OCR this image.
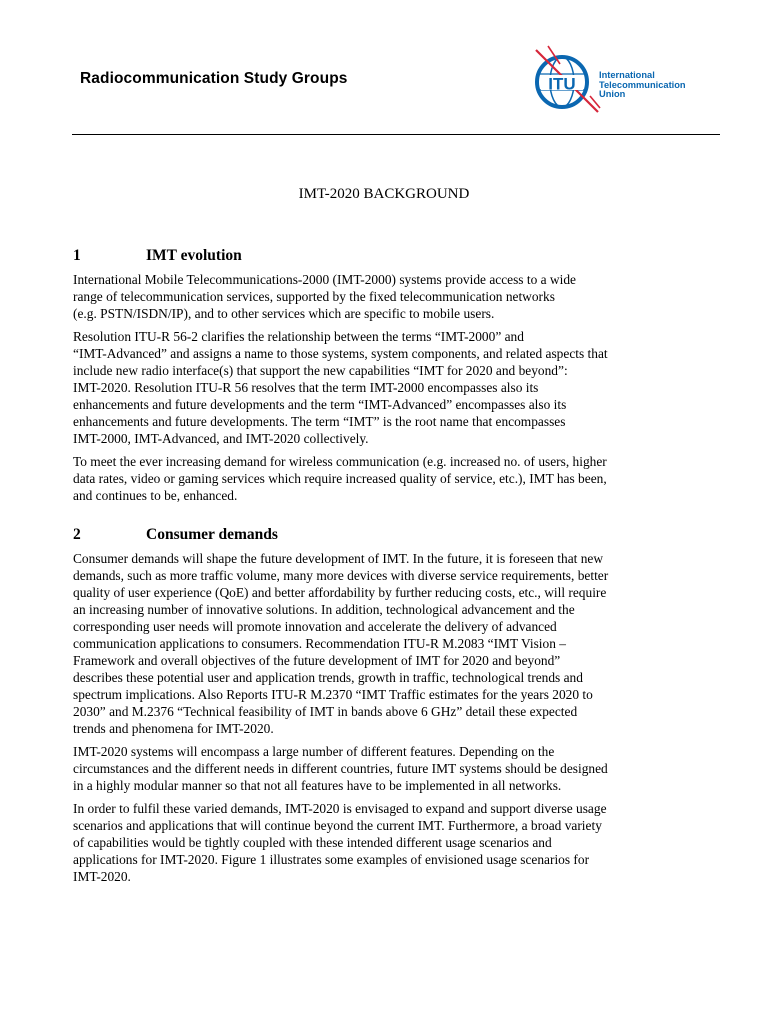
Radiocommunication Study Groups	ITU	International
Telecommunication
Union
IMT-2020 BACKGROUND
1	IMT evolution
International Mobile Telecommunications-2000 (IMT-2000) systems provide access to a wide
range of telecommunication services, supported by the fixed telecommunication networks
(e.g. PSTN/ISDN/IP), and to other services which are specific to mobile users.
Resolution ITU-R 56-2 clarifies the relationship between the terms “IMT-2000” and
“IMT-Advanced” and assigns a name to those systems, system components, and related aspects that
include new radio interface(s) that support the new capabilities “IMT for 2020 and beyond”:
IMT-2020. Resolution ITU-R 56 resolves that the term IMT-2000 encompasses also its
enhancements and future developments and the term “IMT-Advanced” encompasses also its
enhancements and future developments. The term “IMT” is the root name that encompasses
IMT-2000, IMT-Advanced, and IMT-2020 collectively.
To meet the ever increasing demand for wireless communication (e.g. increased no. of users, higher
data rates, video or gaming services which require increased quality of service, etc.), IMT has been,
and continues to be, enhanced.
2	Consumer demands
Consumer demands will shape the future development of IMT. In the future, it is foreseen that new
demands, such as more traffic volume, many more devices with diverse service requirements, better
quality of user experience (QoE) and better affordability by further reducing costs, etc., will require
an increasing number of innovative solutions. In addition, technological advancement and the
corresponding user needs will promote innovation and accelerate the delivery of advanced
communication applications to consumers. Recommendation ITU-R M.2083 “IMT Vision –
Framework and overall objectives of the future development of IMT for 2020 and beyond”
describes these potential user and application trends, growth in traffic, technological trends and
spectrum implications. Also Reports ITU-R M.2370 “IMT Traffic estimates for the years 2020 to
2030” and M.2376 “Technical feasibility of IMT in bands above 6 GHz” detail these expected
trends and phenomena for IMT-2020.
IMT-2020 systems will encompass a large number of different features. Depending on the
circumstances and the different needs in different countries, future IMT systems should be designed
in a highly modular manner so that not all features have to be implemented in all networks.
In order to fulfil these varied demands, IMT-2020 is envisaged to expand and support diverse usage
scenarios and applications that will continue beyond the current IMT. Furthermore, a broad variety
of capabilities would be tightly coupled with these intended different usage scenarios and
applications for IMT-2020. Figure 1 illustrates some examples of envisioned usage scenarios for
IMT-2020.
